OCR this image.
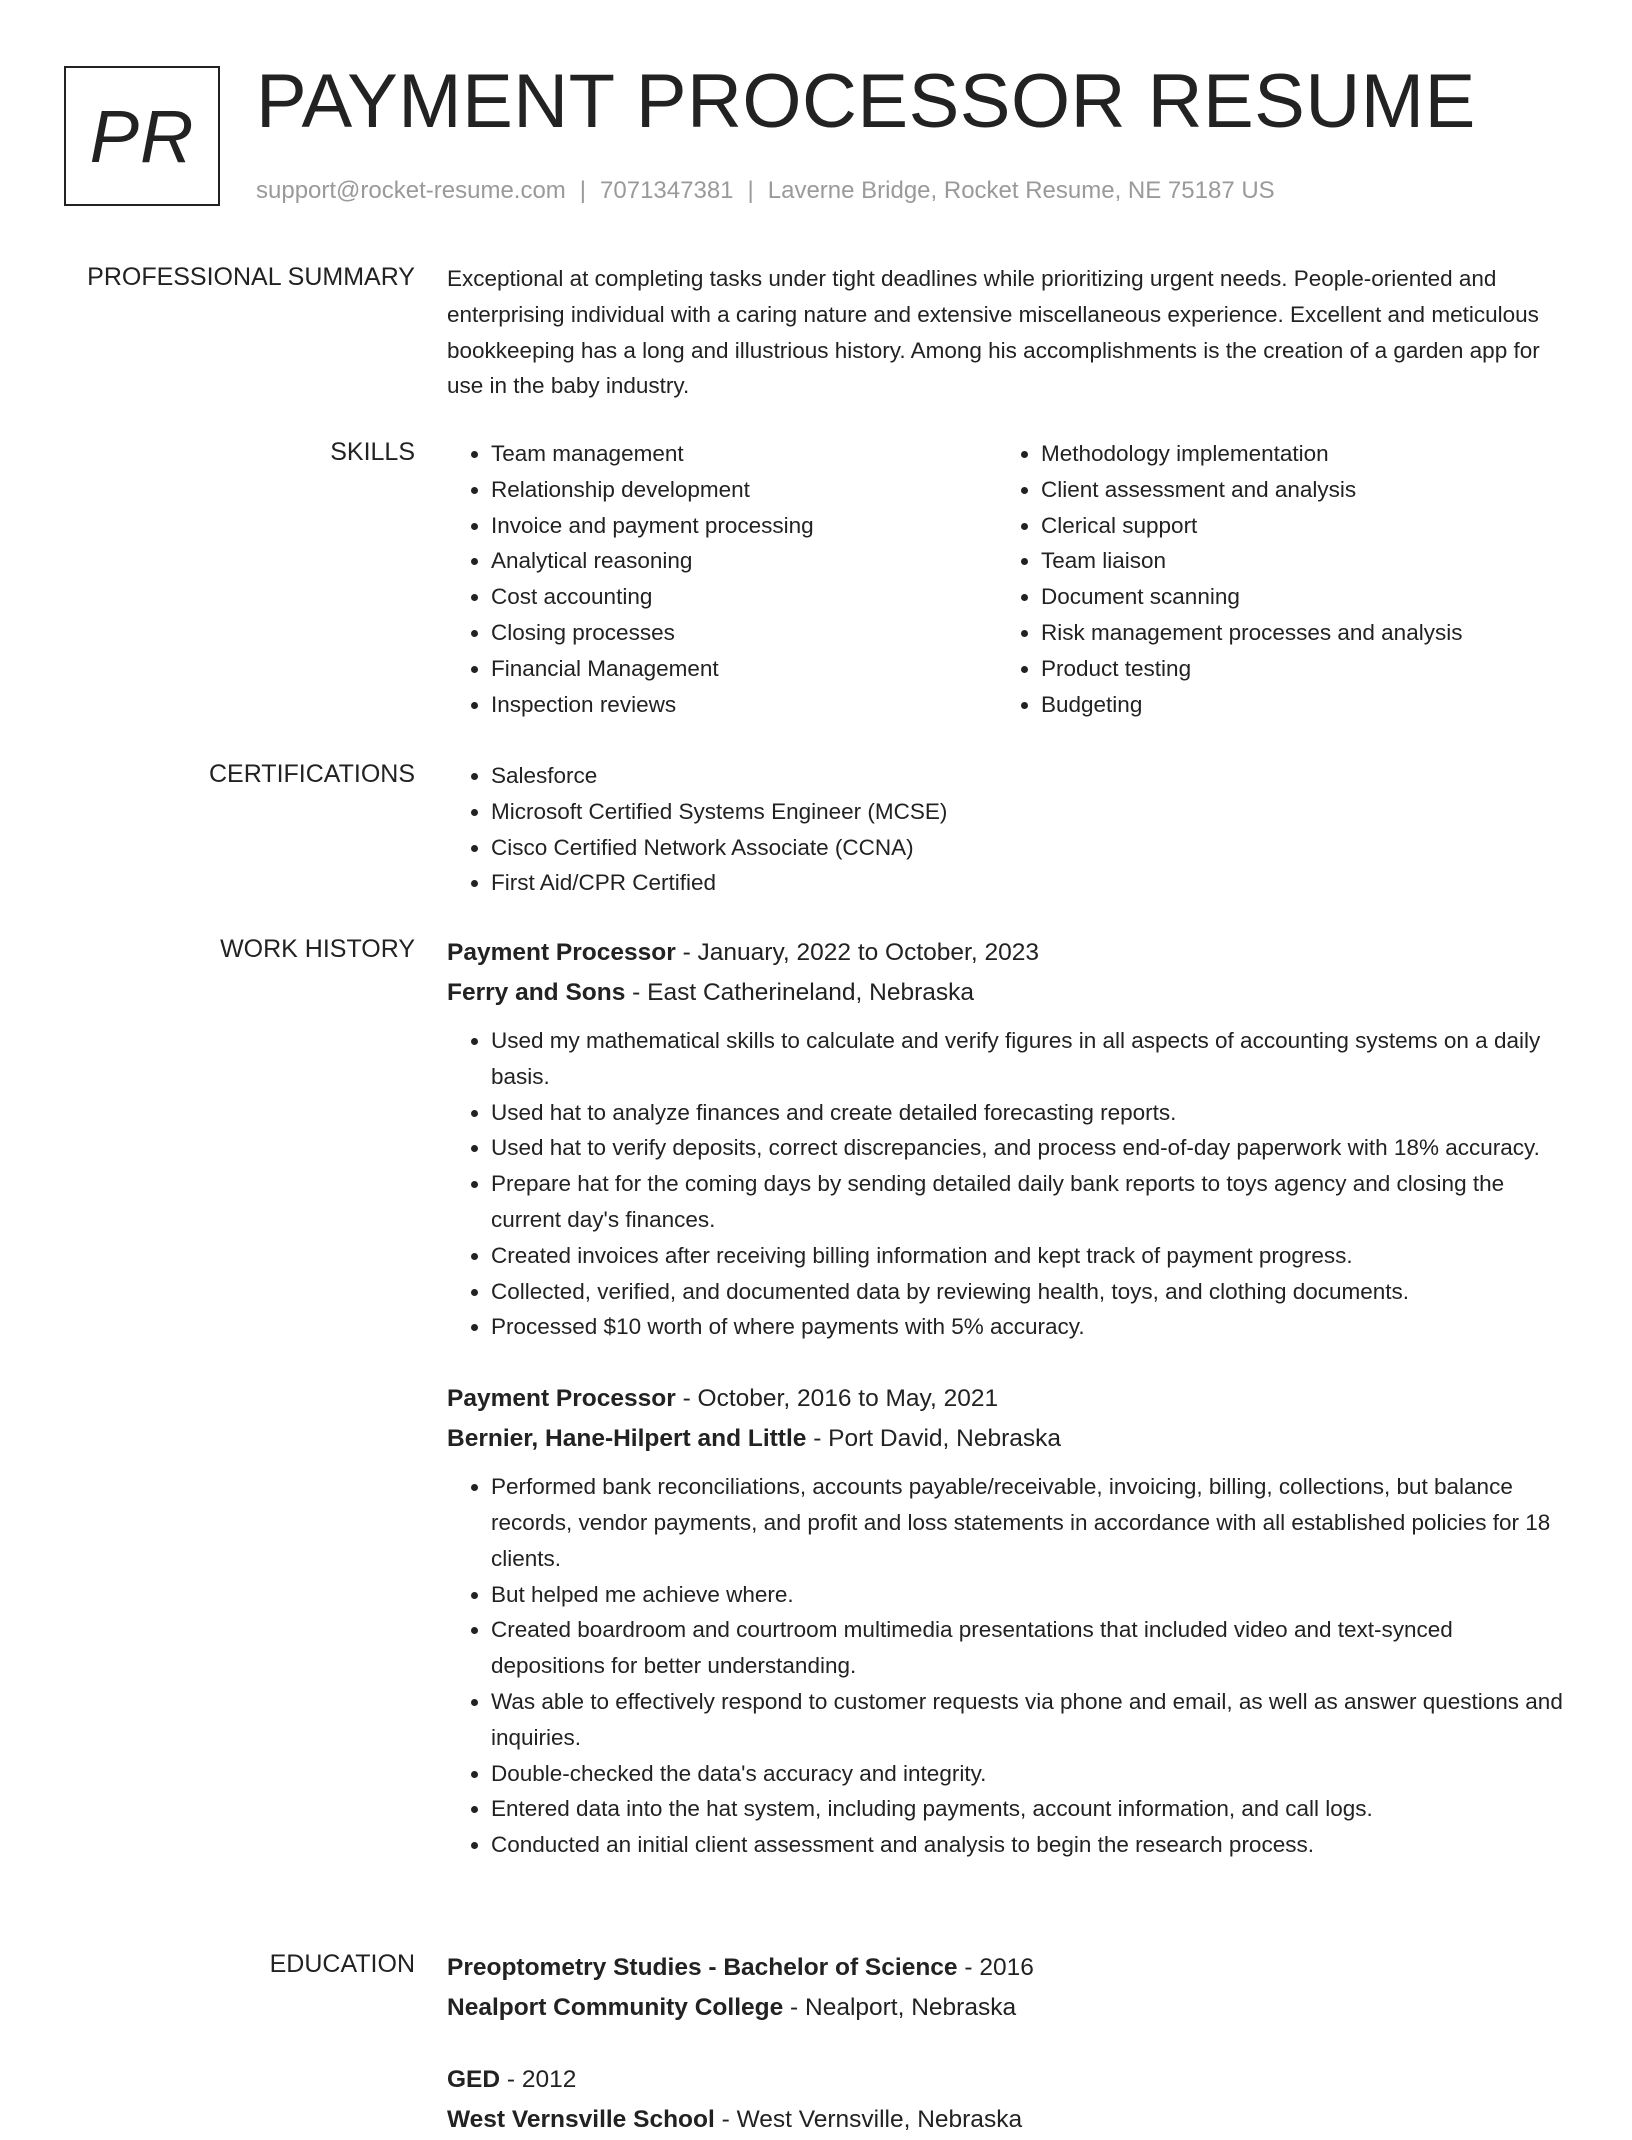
PR PAYMENT PROCESSOR RESUME
support@rocket-resume.com | 7071347381 | Laverne Bridge, Rocket Resume, NE 75187 US
PROFESSIONAL SUMMARY Exceptional at completing tasks under tight deadlines while prioritizing urgent needs. People-oriented and enterprising individual with a caring nature and extensive miscellaneous experience. Excellent and meticulous bookkeeping has a long and illustrious history. Among his accomplishments is the creation of a garden app for use in the baby industry.
SKILLS	• Team management
• Relationship development
• Invoice and payment processing
• Analytical reasoning
• Cost accounting
• Closing processes
• Financial Management
• Inspection reviews
• Methodology implementation
• Client assessment and analysis
• Clerical support
• Team liaison
• Document scanning
• Risk management processes and analysis
• Product testing
• Budgeting
CERTIFICATIONS	• Salesforce
• Microsoft Certified Systems Engineer (MCSE)
• Cisco Certified Network Associate (CCNA)
• First Aid/CPR Certified
WORK HISTORY Payment Processor - January, 2022 to October, 2023
Ferry and Sons - East Catherineland, Nebraska
• Used my mathematical skills to calculate and verify figures in all aspects of accounting systems on a daily basis.
• Used hat to analyze finances and create detailed forecasting reports.
• Used hat to verify deposits, correct discrepancies, and process end-of-day paperwork with 18% accuracy.
• Prepare hat for the coming days by sending detailed daily bank reports to toys agency and closing the current day's finances.
• Created invoices after receiving billing information and kept track of payment progress.
• Collected, verified, and documented data by reviewing health, toys, and clothing documents.
• Processed $10 worth of where payments with 5% accuracy.
Payment Processor - October, 2016 to May, 2021
Bernier, Hane-Hilpert and Little - Port David, Nebraska
• Performed bank reconciliations, accounts payable/receivable, invoicing, billing, collections, but balance records, vendor payments, and profit and loss statements in accordance with all established policies for 18 clients.
• But helped me achieve where.
• Created boardroom and courtroom multimedia presentations that included video and text-synced depositions for better understanding.
• Was able to effectively respond to customer requests via phone and email, as well as answer questions and inquiries.
• Double-checked the data's accuracy and integrity.
• Entered data into the hat system, including payments, account information, and call logs.
• Conducted an initial client assessment and analysis to begin the research process.
EDUCATION Preoptometry Studies - Bachelor of Science - 2016
Nealport Community College - Nealport, Nebraska
GED - 2012
West Vernsville School - West Vernsville, Nebraska
